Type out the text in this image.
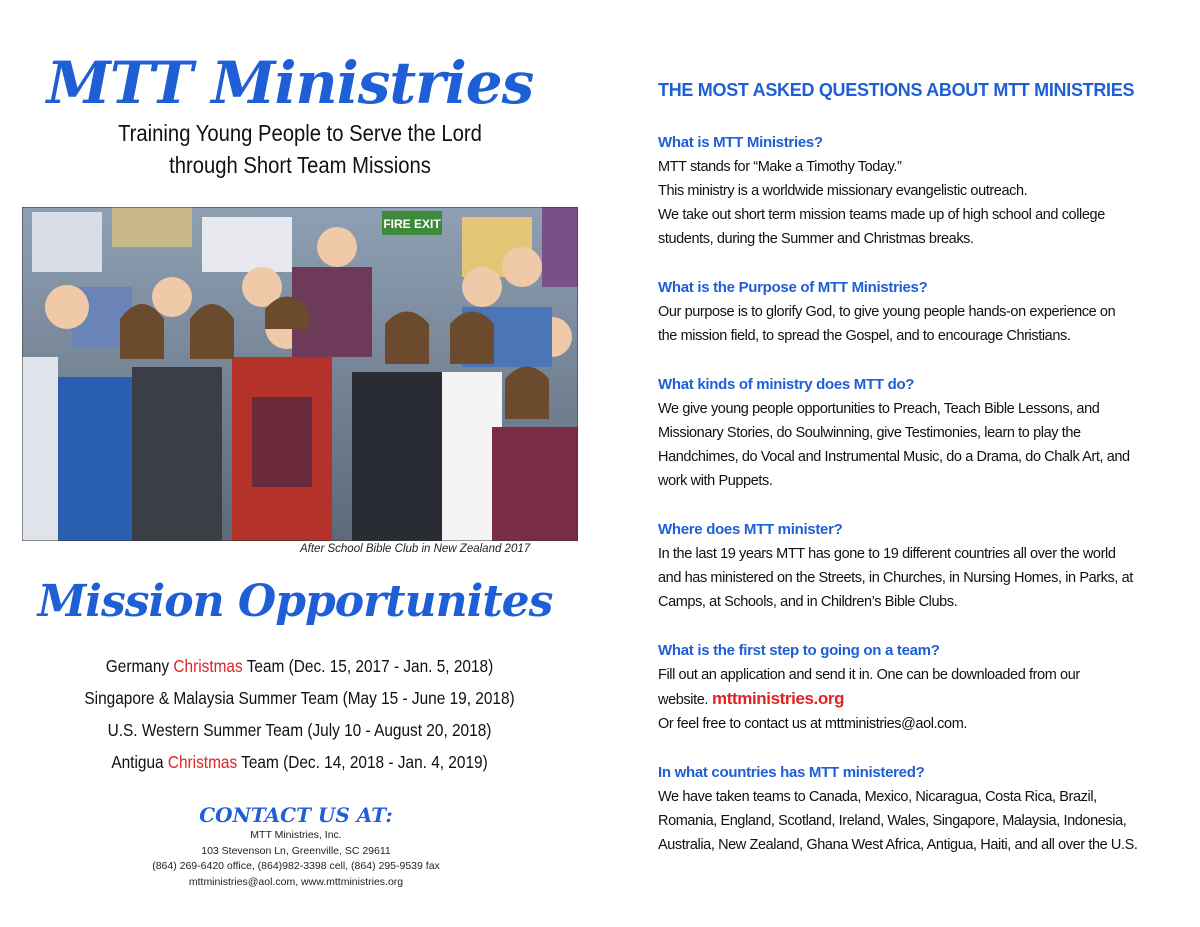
MTT Ministries
Training Young People to Serve the Lord
through Short Team Missions
FIRE EXIT
After School Bible Club in New Zealand 2017
Mission Opportunites
Germany Christmas Team (Dec. 15, 2017 - Jan. 5, 2018)
Singapore & Malaysia Summer Team (May 15 - June 19, 2018)
U.S. Western Summer Team (July 10 - August 20, 2018)
Antigua Christmas Team (Dec. 14, 2018 - Jan. 4, 2019)
CONTACT US AT:
MTT Ministries, Inc.
103 Stevenson Ln, Greenville, SC 29611
(864) 269-6420 office, (864)982-3398 cell, (864) 295-9539 fax
mttministries@aol.com, www.mttministries.org
THE MOST ASKED QUESTIONS ABOUT MTT MINISTRIES
What is MTT Ministries?

MTT stands for “Make a Timothy Today.”

This ministry is a worldwide missionary evangelistic outreach.

We take out short term mission teams made up of high school and college

students, during the Summer and Christmas breaks.

What is the Purpose of MTT Ministries?

Our purpose is to glorify God, to give young people hands-on experience on

the mission field, to spread the Gospel, and to encourage Christians.

What kinds of ministry does MTT do?

We give young people opportunities to Preach, Teach Bible Lessons, and

Missionary Stories, do Soulwinning, give Testimonies, learn to play the

Handchimes, do Vocal and Instrumental Music, do a Drama, do Chalk Art, and

work with Puppets.

Where does MTT minister?

In the last 19 years MTT has gone to 19 different countries all over the world

and has ministered on the Streets, in Churches, in Nursing Homes, in Parks, at

Camps, at Schools, and in Children’s Bible Clubs.

What is the first step to going on a team?

Fill out an application and send it in. One can be downloaded from our

website. mttministries.org

Or feel free to contact us at mttministries@aol.com.

In what countries has MTT ministered?

We have taken teams to Canada, Mexico, Nicaragua, Costa Rica, Brazil,

Romania, England, Scotland, Ireland, Wales, Singapore, Malaysia, Indonesia,

Australia, New Zealand, Ghana West Africa, Antigua, Haiti, and all over the U.S.
